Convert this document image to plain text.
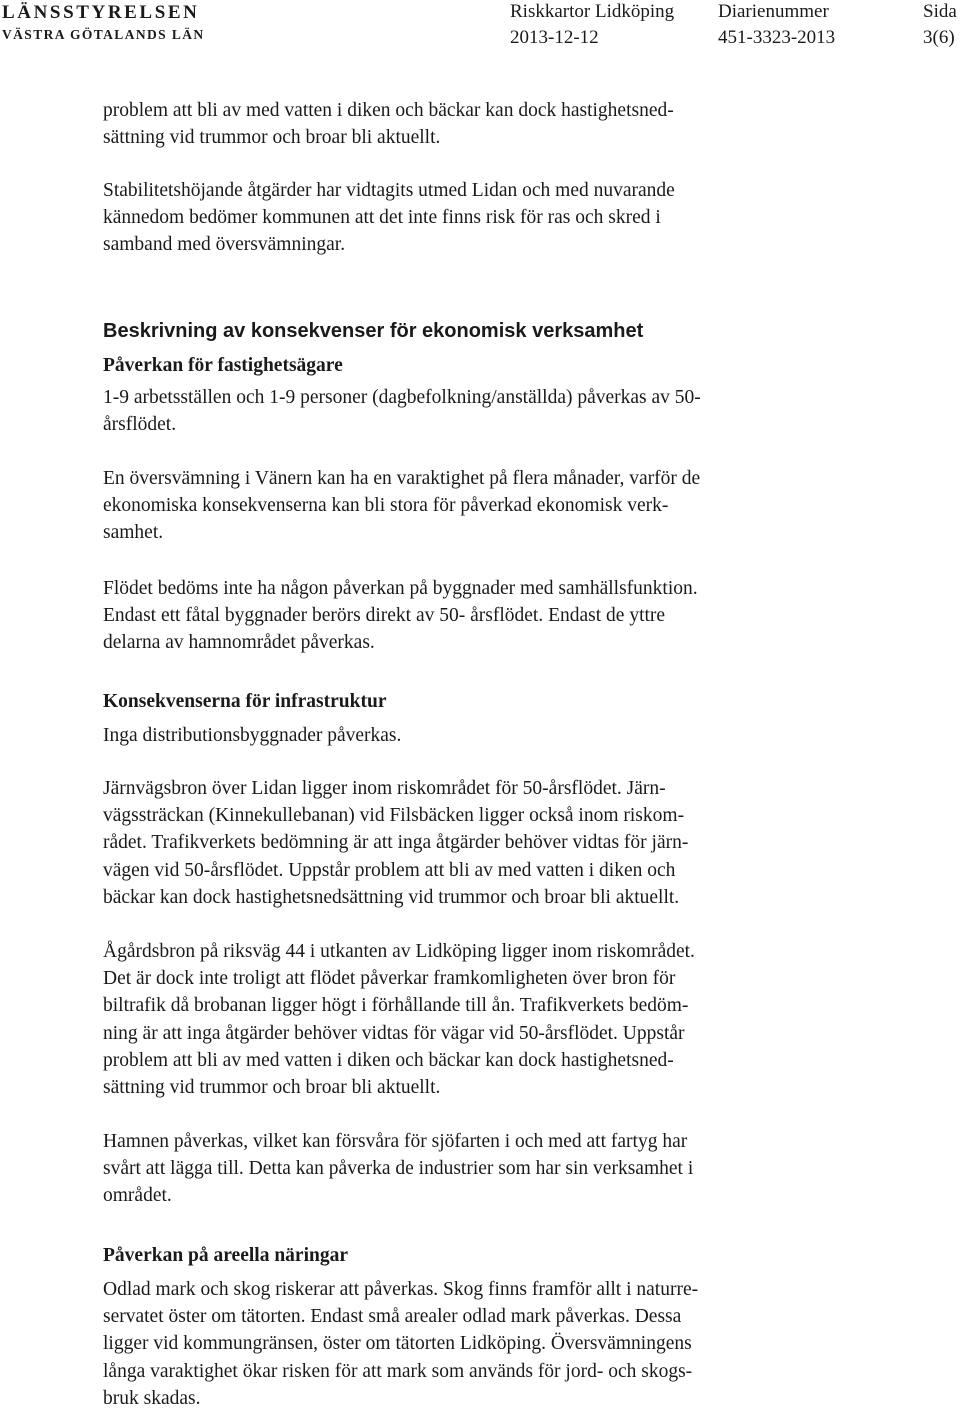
LÄNSSTYRELSEN
VÄSTRA GÖTALANDS LÄN
Riskkartor Lidköping
2013-12-12
Diarienummer
451-3323-2013
Sida
3(6)
problem att bli av med vatten i diken och bäckar kan dock hastighetsned-
sättning vid trummor och broar bli aktuellt.
Stabilitetshöjande åtgärder har vidtagits utmed Lidan och med nuvarande
kännedom bedömer kommunen att det inte finns risk för ras och skred i
samband med översvämningar.
Beskrivning av konsekvenser för ekonomisk verksamhet
Påverkan för fastighetsägare
1-9 arbetsställen och 1-9 personer (dagbefolkning/anställda) påverkas av 50-
årsflödet.
En översvämning i Vänern kan ha en varaktighet på flera månader, varför de
ekonomiska konsekvenserna kan bli stora för påverkad ekonomisk verk-
samhet.
Flödet bedöms inte ha någon påverkan på byggnader med samhällsfunktion.
Endast ett fåtal byggnader berörs direkt av 50- årsflödet. Endast de yttre
delarna av hamnområdet påverkas.
Konsekvenserna för infrastruktur
Inga distributionsbyggnader påverkas.
Järnvägsbron över Lidan ligger inom riskområdet för 50-årsflödet. Järn-
vägssträckan (Kinnekullebanan) vid Filsbäcken ligger också inom riskom-
rådet. Trafikverkets bedömning är att inga åtgärder behöver vidtas för järn-
vägen vid 50-årsflödet. Uppstår problem att bli av med vatten i diken och
bäckar kan dock hastighetsnedsättning vid trummor och broar bli aktuellt.
Ågårdsbron på riksväg 44 i utkanten av Lidköping ligger inom riskområdet.
Det är dock inte troligt att flödet påverkar framkomligheten över bron för
biltrafik då brobanan ligger högt i förhållande till ån. Trafikverkets bedöm-
ning är att inga åtgärder behöver vidtas för vägar vid 50-årsflödet. Uppstår
problem att bli av med vatten i diken och bäckar kan dock hastighetsned-
sättning vid trummor och broar bli aktuellt.
Hamnen påverkas, vilket kan försvåra för sjöfarten i och med att fartyg har
svårt att lägga till. Detta kan påverka de industrier som har sin verksamhet i
området.
Påverkan på areella näringar
Odlad mark och skog riskerar att påverkas. Skog finns framför allt i naturre-
servatet öster om tätorten. Endast små arealer odlad mark påverkas. Dessa
ligger vid kommungränsen, öster om tätorten Lidköping. Översvämningens
långa varaktighet ökar risken för att mark som används för jord- och skogs-
bruk skadas.
